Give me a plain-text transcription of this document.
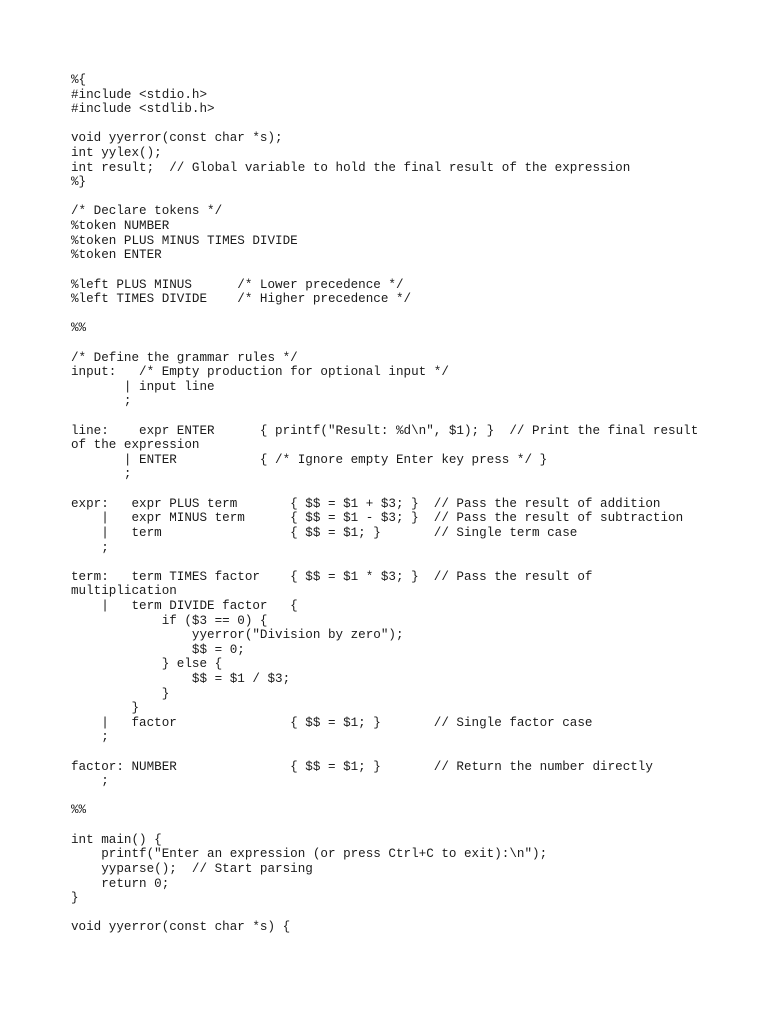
%{
#include <stdio.h>
#include <stdlib.h>
void yyerror(const char *s);
int yylex();
int result;  // Global variable to hold the final result of the expression
%}
/* Declare tokens */
%token NUMBER
%token PLUS MINUS TIMES DIVIDE
%token ENTER
%left PLUS MINUS      /* Lower precedence */
%left TIMES DIVIDE    /* Higher precedence */
%%
/* Define the grammar rules */
input:   /* Empty production for optional input */
| input line
;
line:    expr ENTER      { printf("Result: %d\n", $1); }  // Print the final result
of the expression
| ENTER           { /* Ignore empty Enter key press */ }
;
expr:   expr PLUS term       { $$ = $1 + $3; }  // Pass the result of addition
|   expr MINUS term      { $$ = $1 - $3; }  // Pass the result of subtraction
|   term                 { $$ = $1; }       // Single term case
;
term:   term TIMES factor    { $$ = $1 * $3; }  // Pass the result of
multiplication
|   term DIVIDE factor   {
if ($3 == 0) {
yyerror("Division by zero");
$$ = 0;
} else {
$$ = $1 / $3;
}
}
|   factor               { $$ = $1; }       // Single factor case
;
factor: NUMBER               { $$ = $1; }       // Return the number directly
;
%%
int main() {
printf("Enter an expression (or press Ctrl+C to exit):\n");
yyparse();  // Start parsing
return 0;
}
void yyerror(const char *s) {
